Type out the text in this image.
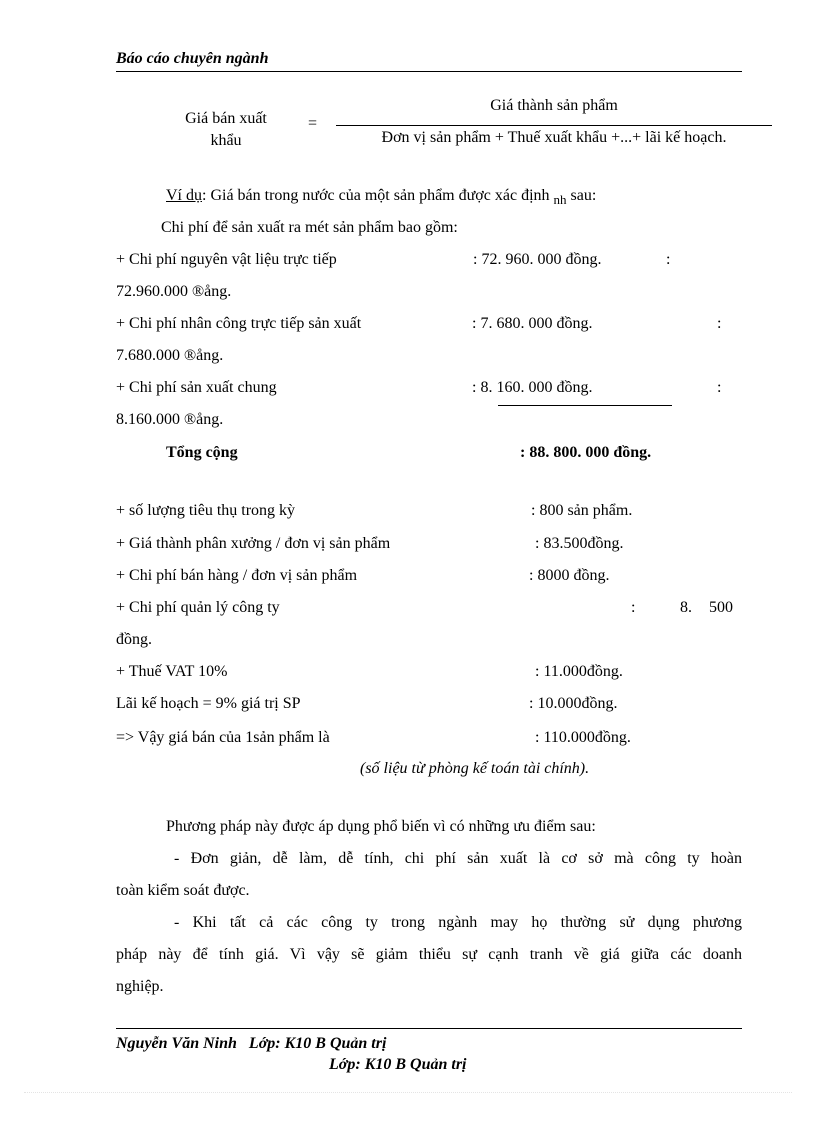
Báo cáo chuyên ngành
Giá bán xuất
khẩu
=
Giá thành sản phẩm
Đơn vị sản phẩm + Thuế xuất khẩu +...+ lãi kế hoạch.
Ví dụ: Giá bán trong nước của một sản phẩm được xác định $_{nh}$ sau:
Chi phí để sản xuất ra mét sản phẩm bao gồm:
+ Chi phí nguyên vật liệu trực tiếp	: 72. 960. 000 đồng.	:
72.960.000 ®ång.
+ Chi phí nhân công trực tiếp sản xuất	: 7. 680. 000 đồng.	:
7.680.000 ®ång.
+ Chi phí sản xuất chung	: 8. 160. 000 đồng.	:
8.160.000 ®ång.
Tổng cộng	: 88. 800. 000 đồng.
+ số lượng tiêu thụ trong kỳ	: 800 sản phẩm.
+ Giá thành phân xưởng / đơn vị sản phẩm	: 83.500đồng.
+ Chi phí bán hàng / đơn vị sản phẩm	: 8000 đồng.
+ Chi phí quản lý công ty	:	8. 500
đồng.
+ Thuế VAT 10%	: 11.000đồng.
Lãi kế hoạch = 9% giá trị SP	: 10.000đồng.
=> Vậy giá bán của 1sản phẩm là	: 110.000đồng.
(số liệu từ phòng kế toán tài chính).
Phương pháp này được áp dụng phổ biến vì có những ưu điểm sau:
- Đơn giản, dễ làm, dễ tính, chi phí sản xuất là cơ sở mà công ty hoàn
toàn kiểm soát được.
- Khi tất cả các công ty trong ngành may họ thường sử dụng phương
pháp này để tính giá. Vì vậy sẽ giảm thiểu sự cạnh tranh về giá giữa các doanh
nghiệp.
Nguyễn Văn Ninh Lớp: K10 B Quản trị
Lớp: K10 B Quản trị
